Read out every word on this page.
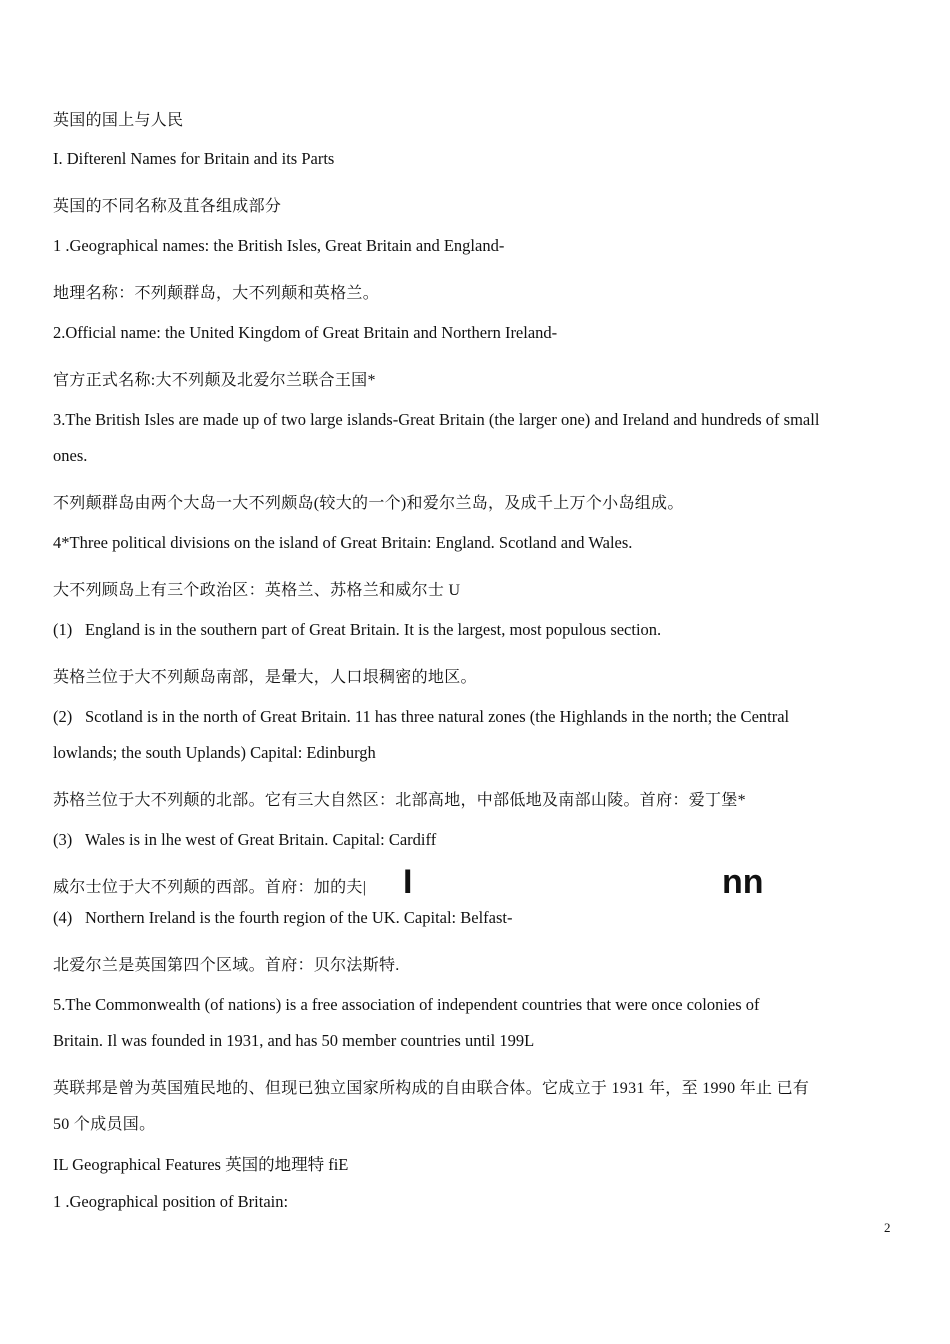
英国的国上与人民
I. Difterenl Names for Britain and its Parts
英国的不同名称及苴各组成部分
1 .Geographical names: the British Isles, Great Britain and England-
地理名称：不列颠群岛，大不列颠和英格兰。
2.Official name: the United Kingdom of Great Britain and Northern Ireland-
官方正式名称:大不列颠及北爱尔兰联合王国*
3.The British Isles are made up of two large islands-Great Britain (the larger one) and Ireland and hundreds of small
ones.
不列颠群岛由两个大岛一大不列颇岛(较大的一个)和爱尔兰岛，及成千上万个小岛组成。
4*Three political divisions on the island of Great Britain: England. Scotland and Wales.
大不列顾岛上有三个政治区：英格兰、苏格兰和威尔士 U
(1) England is in the southern part of Great Britain. It is the largest, most populous section.
英格兰位于大不列颠岛南部，是暈大，人口垠稠密的地区。
(2) Scotland is in the north of Great Britain. 11 has three natural zones (the Highlands in the north; the Central
lowlands; the south Uplands) Capital: Edinburgh
苏格兰位于大不列颠的北部。它有三大自然区：北部高地，中部低地及南部山陵。首府：爱丁堡*
(3) Wales is in lhe west of Great Britain. Capital: Cardiff
威尔士位于大不列颠的西部。首府：加的夫| I	nn
(4) Northern Ireland is the fourth region of the UK. Capital: Belfast-
北爱尔兰是英国第四个区域。首府：贝尔法斯特.
5.The Commonwealth (of nations) is a free association of independent countries that were once colonies of
Britain. Il was founded in 1931, and has 50 member countries until 199L
英联邦是曾为英国殖民地的、但现已独立国家所构成的自由联合体。它成立于 1931 年，至 1990 年止 已有
50 个成员国。
IL Geographical Features 英国的地理特 fiE
1 .Geographical position of Britain:
2
